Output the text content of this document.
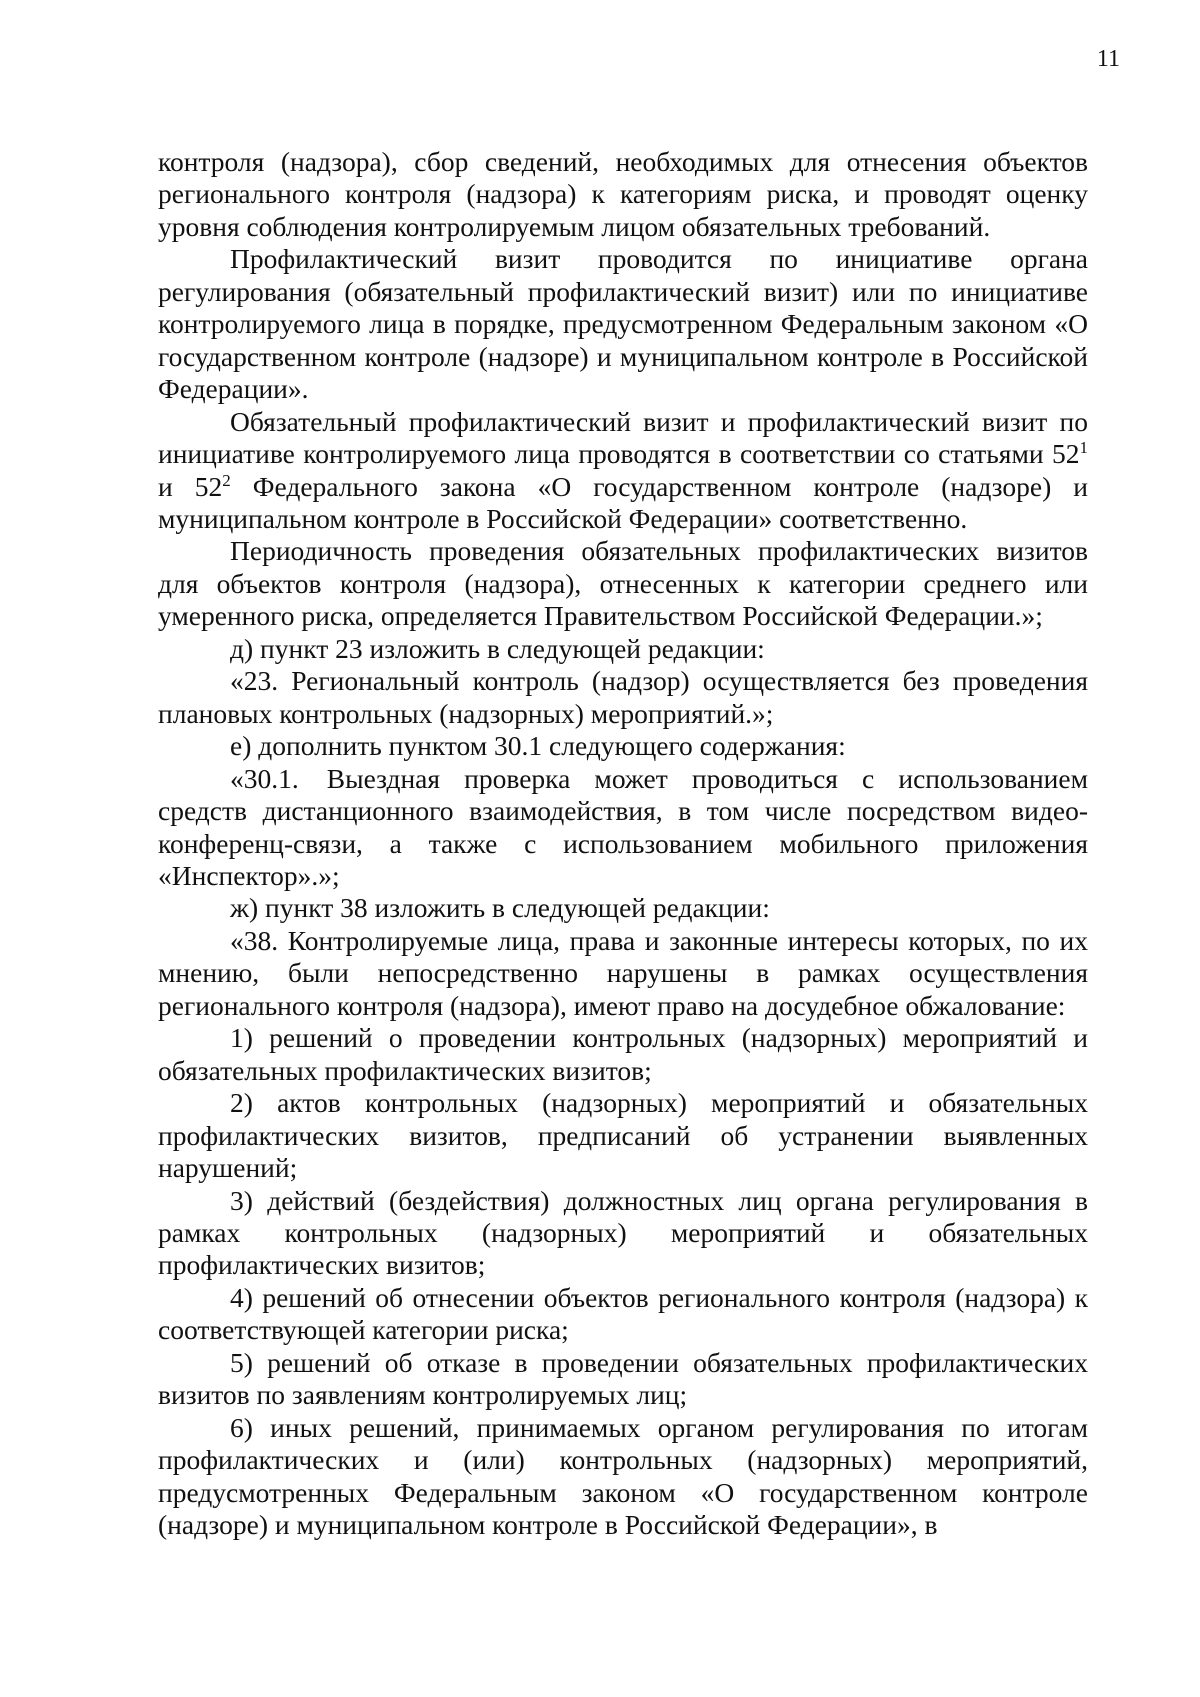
11

контроля (надзора), сбор сведений, необходимых для отнесения объектов регионального контроля (надзора) к категориям риска, и проводят оценку уровня соблюдения контролируемым лицом обязательных требований.

Профилактический визит проводится по инициативе органа регулирования (обязательный профилактический визит) или по инициативе контролируемого лица в порядке, предусмотренном Федеральным законом «О государственном контроле (надзоре) и муниципальном контроле в Российской Федерации».

Обязательный профилактический визит и профилактический визит по инициативе контролируемого лица проводятся в соответствии со статьями $52^1$ и $52^2$ Федерального закона «О государственном контроле (надзоре) и муниципальном контроле в Российской Федерации» соответственно.

Периодичность проведения обязательных профилактических визитов для объектов контроля (надзора), отнесенных к категории среднего или умеренного риска, определяется Правительством Российской Федерации.»;

д) пункт 23 изложить в следующей редакции:

«23. Региональный контроль (надзор) осуществляется без проведения плановых контрольных (надзорных) мероприятий.»;

е) дополнить пунктом 30.1 следующего содержания:

«30.1. Выездная проверка может проводиться с использованием средств дистанционного взаимодействия, в том числе посредством видео-конференц-связи, а также с использованием мобильного приложения «Инспектор».»;

ж) пункт 38 изложить в следующей редакции:

«38. Контролируемые лица, права и законные интересы которых, по их мнению, были непосредственно нарушены в рамках осуществления регионального контроля (надзора), имеют право на досудебное обжалование:

1) решений о проведении контрольных (надзорных) мероприятий и обязательных профилактических визитов;

2) актов контрольных (надзорных) мероприятий и обязательных профилактических визитов, предписаний об устранении выявленных нарушений;

3) действий (бездействия) должностных лиц органа регулирования в рамках контрольных (надзорных) мероприятий и обязательных профилактических визитов;

4) решений об отнесении объектов регионального контроля (надзора) к соответствующей категории риска;

5) решений об отказе в проведении обязательных профилактических визитов по заявлениям контролируемых лиц;

6) иных решений, принимаемых органом регулирования по итогам профилактических и (или) контрольных (надзорных) мероприятий, предусмотренных Федеральным законом «О государственном контроле (надзоре) и муниципальном контроле в Российской Федерации», в
